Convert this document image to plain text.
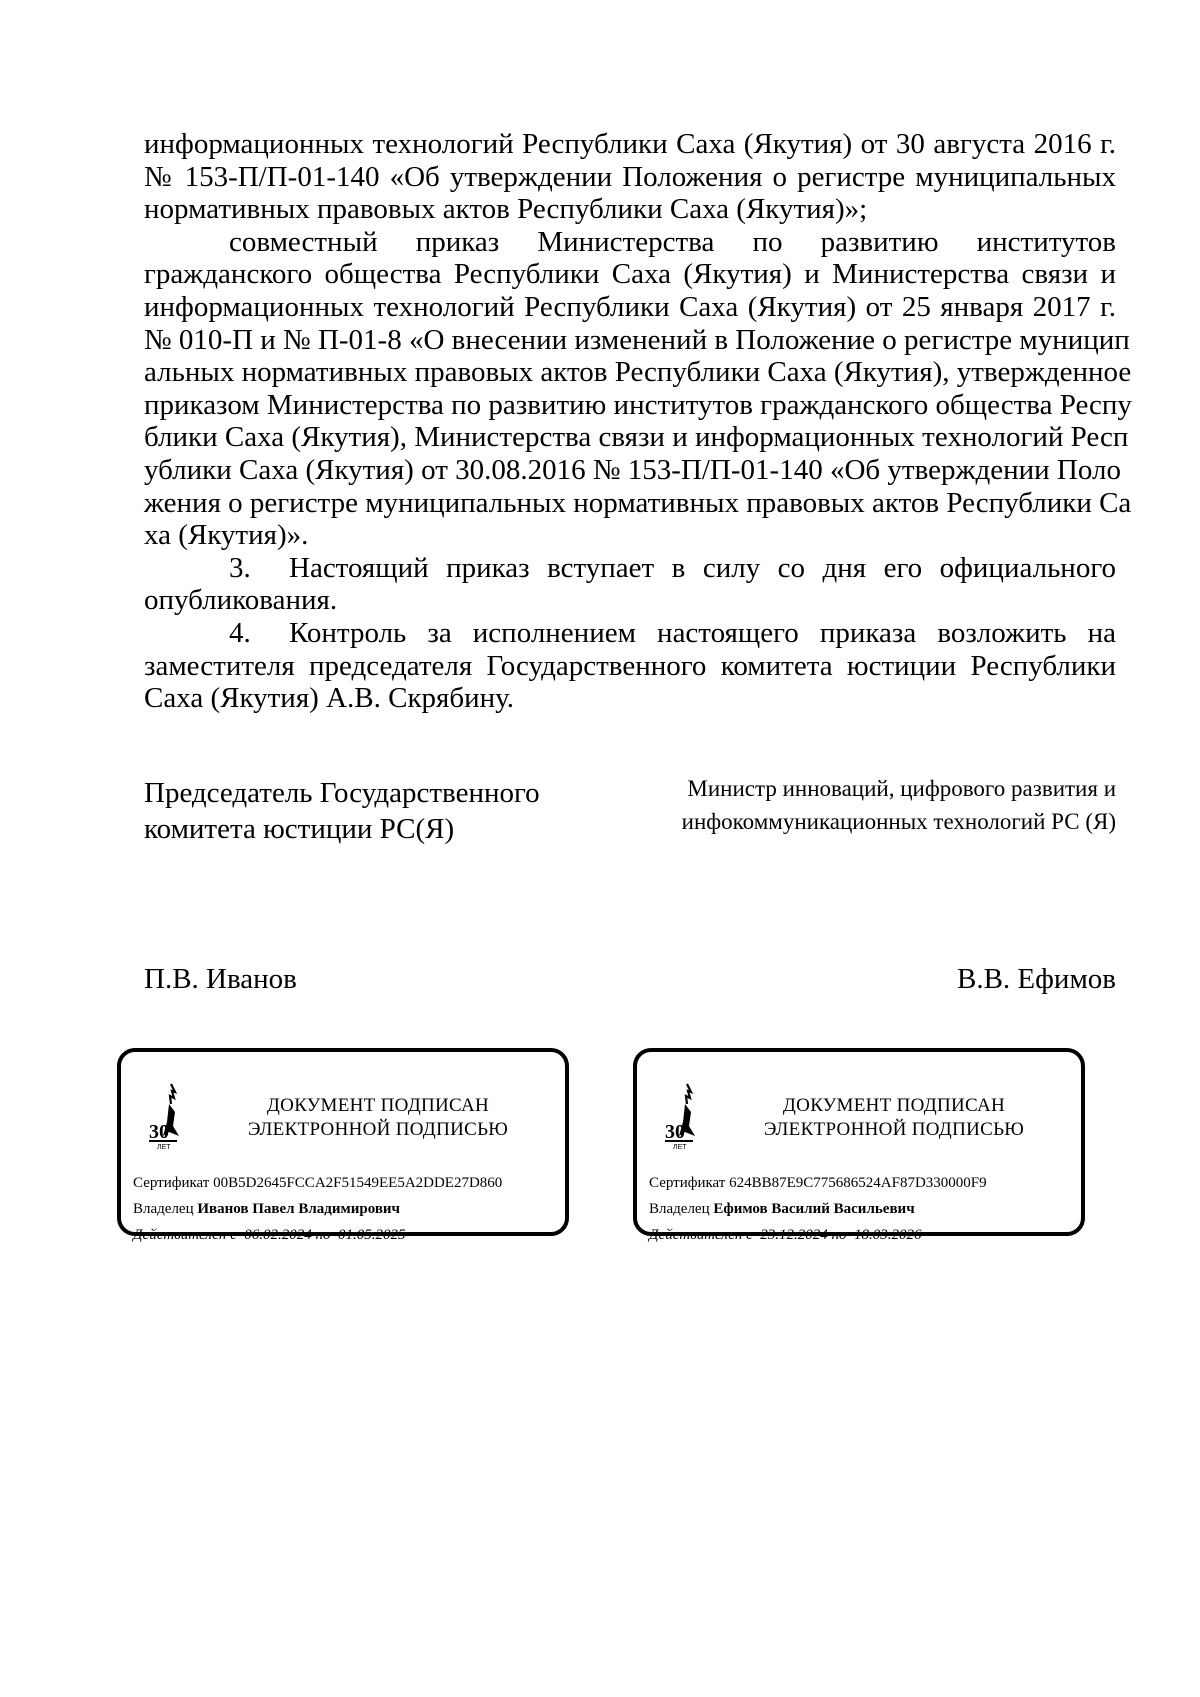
информационных технологий Республики Саха (Якутия) от 30 августа 2016 г.
№ 153-П/П-01-140 «Об утверждении Положения о регистре муниципальных
нормативных правовых актов Республики Саха (Якутия)»;
совместный приказ Министерства по развитию институтов
гражданского общества Республики Саха (Якутия) и Министерства связи и
информационных технологий Республики Саха (Якутия) от 25 января 2017 г.
№ 010-П и № П-01-8 «О внесении изменений в Положение о регистре муницип
альных нормативных правовых актов Республики Саха (Якутия), утвержденное
приказом Министерства по развитию институтов гражданского общества Респу
блики Саха (Якутия), Министерства связи и информационных технологий Респ
ублики Саха (Якутия) от 30.08.2016 № 153-П/П-01-140 «Об утверждении Поло
жения о регистре муниципальных нормативных правовых актов Республики Са
ха (Якутия)».
3. Настоящий приказ вступает в силу со дня его официального
опубликования.
4. Контроль за исполнением настоящего приказа возложить на
заместителя председателя Государственного комитета юстиции Республики
Саха (Якутия) А.В. Скрябину.
Председатель Государственного
комитета юстиции РС(Я)
Министр инноваций, цифрового развития и
инфокоммуникационных технологий РС (Я)
П.В. Иванов	В.В. Ефимов
30
ЛЕТ
ДОКУМЕНТ ПОДПИСАН
ЭЛЕКТРОННОЙ ПОДПИСЬЮ
Сертификат 00B5D2645FCCA2F51549EE5A2DDE27D860
Владелец Иванов Павел Владимирович
Действителен с 06.02.2024 по 01.05.2025
30
ЛЕТ
ДОКУМЕНТ ПОДПИСАН
ЭЛЕКТРОННОЙ ПОДПИСЬЮ
Сертификат 624BB87E9C775686524AF87D330000F9
Владелец Ефимов Василий Васильевич
Действителен с 23.12.2024 по 18.03.2026
